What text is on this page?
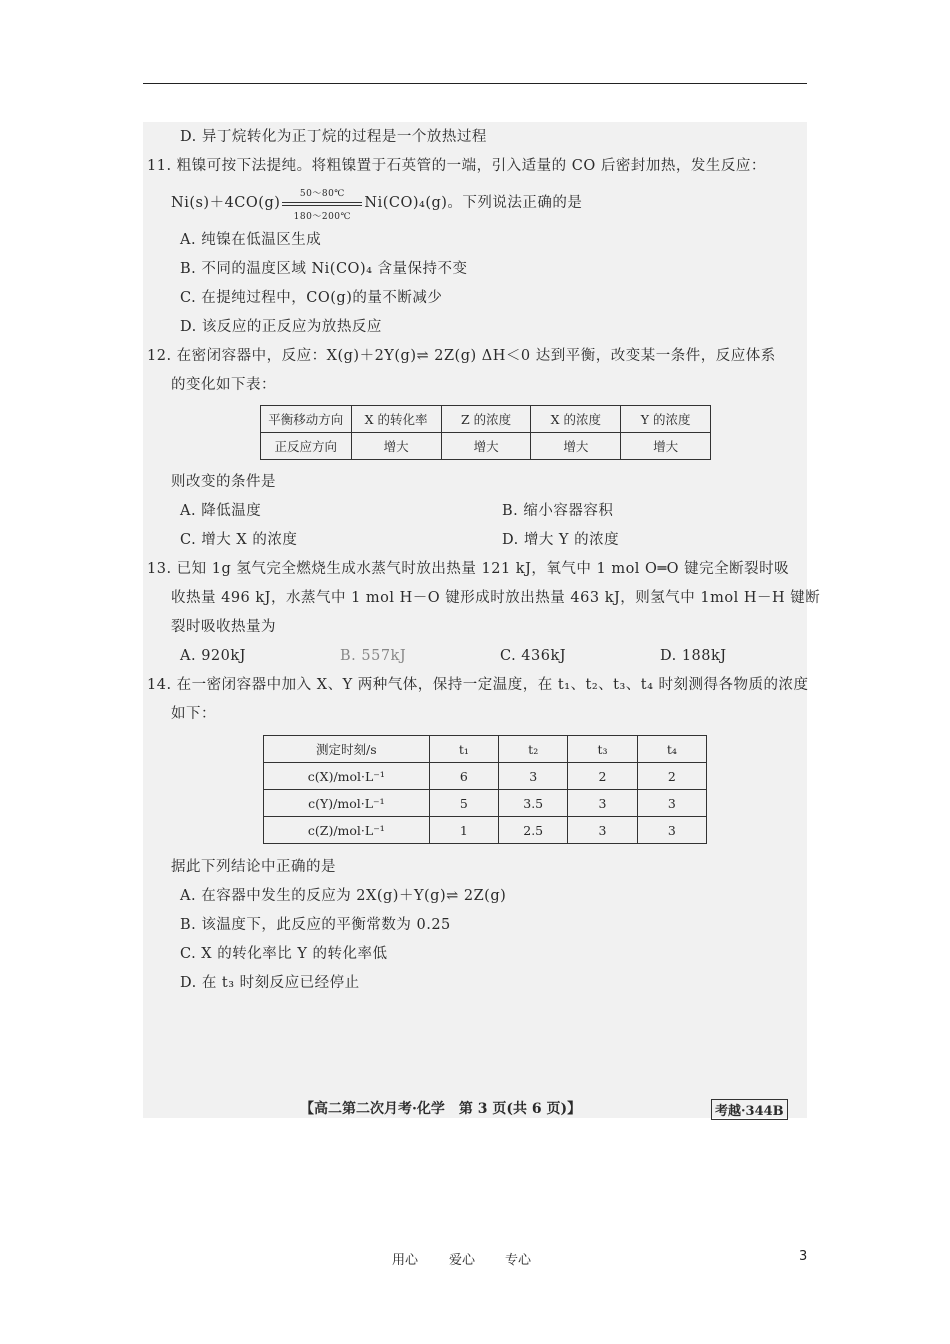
D. 异丁烷转化为正丁烷的过程是一个放热过程
11. 粗镍可按下法提纯。将粗镍置于石英管的一端，引入适量的 CO 后密封加热，发生反应：
$Ni(s)+4CO(g) \frac{50\sim 80℃}{180\sim 200℃} Ni(CO)_4(g)$。下列说法正确的是
A. 纯镍在低温区生成
B. 不同的温度区域 Ni(CO)₄ 含量保持不变
C. 在提纯过程中，CO(g)的量不断减少
D. 该反应的正反应为放热反应
12. 在密闭容器中，反应：X(g)＋2Y(g)⇌ 2Z(g) ΔH＜0 达到平衡，改变某一条件，反应体系
的变化如下表：
平衡移动方向	X 的转化率	Z 的浓度	X 的浓度	Y 的浓度
正反应方向	增大	增大	增大	增大
则改变的条件是
A. 降低温度	B. 缩小容器容积
C. 增大 X 的浓度	D. 增大 Y 的浓度
13. 已知 1g 氢气完全燃烧生成水蒸气时放出热量 121 kJ，氧气中 1 mol O═O 键完全断裂时吸
收热量 496 kJ，水蒸气中 1 mol H－O 键形成时放出热量 463 kJ，则氢气中 1mol H－H 键断
裂时吸收热量为
A. 920kJ	B. 557kJ	C. 436kJ	D. 188kJ
14. 在一密闭容器中加入 X、Y 两种气体，保持一定温度，在 t₁、t₂、t₃、t₄ 时刻测得各物质的浓度
如下：
测定时刻/s	t₁	t₂	t₃	t₄
c(X)/mol·L⁻¹	6	3	2	2
c(Y)/mol·L⁻¹	5	3.5	3	3
c(Z)/mol·L⁻¹	1	2.5	3	3
据此下列结论中正确的是
A. 在容器中发生的反应为 2X(g)＋Y(g)⇌ 2Z(g)
B. 该温度下，此反应的平衡常数为 0.25
C. X 的转化率比 Y 的转化率低
D. 在 t₃ 时刻反应已经停止
【高二第二次月考·化学　第 3 页(共 6 页)】	考越·344B
用心 爱心 专心	3
